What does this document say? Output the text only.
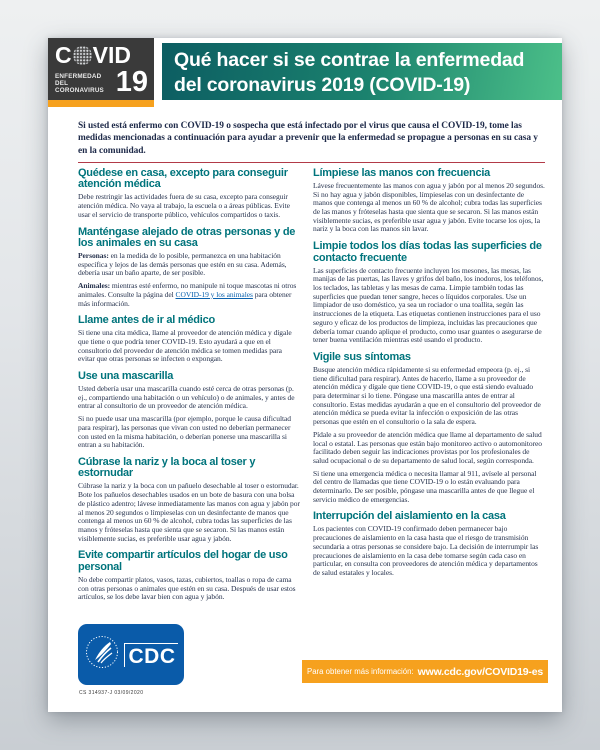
C VID
ENFERMEDAD DEL
CORONAVIRUS 19
Qué hacer si se contrae la enfermedad
del coronavirus 2019 (COVID-19)

Si usted está enfermo con COVID-19 o sospecha que está infectado por el virus que causa el COVID-19, tome las medidas mencionadas a continuación para ayudar a prevenir que la enfermedad se propague a personas en su casa y en la comunidad.

Quédese en casa, excepto para conseguir atención médica

Debe restringir las actividades fuera de su casa, excepto para conseguir atención médica. No vaya al trabajo, la escuela o a áreas públicas. Evite usar el servicio de transporte público, vehículos compartidos o taxis.

Manténgase alejado de otras personas y de los animales en su casa

Personas: en la medida de lo posible, permanezca en una habitación específica y lejos de las demás personas que estén en su casa. Además, debería usar un baño aparte, de ser posible.

Animales: mientras esté enfermo, no manipule ni toque mascotas ni otros animales. Consulte la página del COVID-19 y los animales para obtener más información.

Llame antes de ir al médico

Si tiene una cita médica, llame al proveedor de atención médica y dígale que tiene o que podría tener COVID-19. Esto ayudará a que en el consultorio del proveedor de atención médica se tomen medidas para evitar que otras personas se infecten o expongan.

Use una mascarilla

Usted debería usar una mascarilla cuando esté cerca de otras personas (p. ej., compartiendo una habitación o un vehículo) o de animales, y antes de entrar al consultorio de un proveedor de atención médica.

Si no puede usar una mascarilla (por ejemplo, porque le causa dificultad para respirar), las personas que vivan con usted no deberían permanecer con usted en la misma habitación, o deberían ponerse una mascarilla si entran a su habitación.

Cúbrase la nariz y la boca al toser y estornudar

Cúbrase la nariz y la boca con un pañuelo desechable al toser o estornudar. Bote los pañuelos desechables usados en un bote de basura con una bolsa de plástico adentro; lávese inmediatamente las manos con agua y jabón por al menos 20 segundos o límpieselas con un desinfectante de manos que contenga al menos un 60 % de alcohol, cubra todas las superficies de las manos y fróteselas hasta que sienta que se secaron. Si las manos están visiblemente sucias, es preferible usar agua y jabón.

Evite compartir artículos del hogar de uso personal

No debe compartir platos, vasos, tazas, cubiertos, toallas o ropa de cama con otras personas o animales que estén en su casa. Después de usar estos artículos, se los debe lavar bien con agua y jabón.

Límpiese las manos con frecuencia

Lávese frecuentemente las manos con agua y jabón por al menos 20 segundos. Si no hay agua y jabón disponibles, límpieselas con un desinfectante de manos que contenga al menos un 60 % de alcohol; cubra todas las superficies de las manos y fróteselas hasta que sienta que se secaron. Si las manos están visiblemente sucias, es preferible usar agua y jabón. Evite tocarse los ojos, la nariz y la boca con las manos sin lavar.

Limpie todos los días todas las superficies de contacto frecuente

Las superficies de contacto frecuente incluyen los mesones, las mesas, las manijas de las puertas, las llaves y grifos del baño, los inodoros, los teléfonos, los teclados, las tabletas y las mesas de cama. Limpie también todas las superficies que puedan tener sangre, heces o líquidos corporales. Use un limpiador de uso doméstico, ya sea un rociador o una toallita, según las instrucciones de la etiqueta. Las etiquetas contienen instrucciones para el uso seguro y eficaz de los productos de limpieza, incluidas las precauciones que debería tomar cuando aplique el producto, como usar guantes o asegurarse de tener buena ventilación mientras esté usando el producto.

Vigile sus síntomas

Busque atención médica rápidamente si su enfermedad empeora (p. ej., si tiene dificultad para respirar). Antes de hacerlo, llame a su proveedor de atención médica y dígale que tiene COVID-19, o que está siendo evaluado para determinar si lo tiene. Póngase una mascarilla antes de entrar al consultorio. Estas medidas ayudarán a que en el consultorio del proveedor de atención médica se pueda evitar la infección o exposición de las otras personas que estén en el consultorio o la sala de espera.

Pídale a su proveedor de atención médica que llame al departamento de salud local o estatal. Las personas que están bajo monitoreo activo o automonitoreo facilitado deben seguir las indicaciones provistas por los profesionales de salud ocupacional o de su departamento de salud local, según corresponda.

Si tiene una emergencia médica o necesita llamar al 911, avísele al personal del centro de llamadas que tiene COVID-19 o lo están evaluando para determinarlo. De ser posible, póngase una mascarilla antes de que llegue el servicio médico de emergencias.

Interrupción del aislamiento en la casa

Los pacientes con COVID-19 confirmado deben permanecer bajo precauciones de aislamiento en la casa hasta que el riesgo de transmisión secundaria a otras personas se considere bajo. La decisión de interrumpir las precauciones de aislamiento en la casa debe tomarse según cada caso en particular, en consulta con proveedores de atención médica y departamentos de salud estatales y locales.

CDC
CS 314937-J 03/09/2020
Para obtener más información: www.cdc.gov/COVID19-es
